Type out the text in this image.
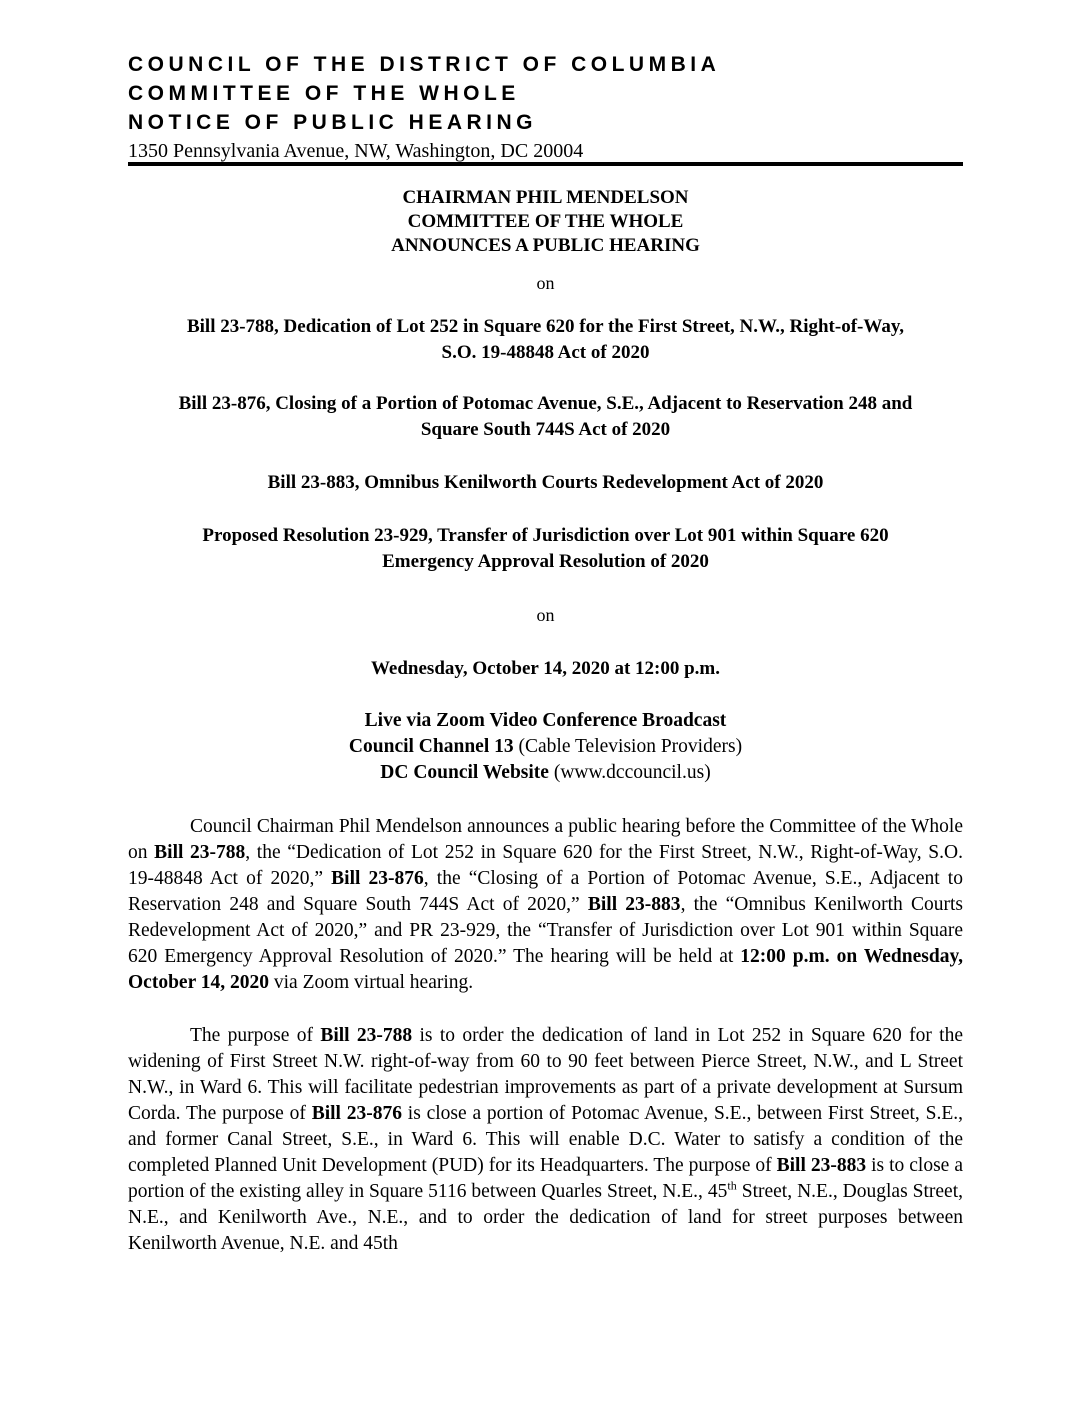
COUNCIL OF THE DISTRICT OF COLUMBIA
COMMITTEE OF THE WHOLE
NOTICE OF PUBLIC HEARING
1350 Pennsylvania Avenue, NW, Washington, DC 20004
CHAIRMAN PHIL MENDELSON
COMMITTEE OF THE WHOLE
ANNOUNCES A PUBLIC HEARING
on
Bill 23-788, Dedication of Lot 252 in Square 620 for the First Street, N.W., Right-of-Way,
S.O. 19-48848 Act of 2020
Bill 23-876, Closing of a Portion of Potomac Avenue, S.E., Adjacent to Reservation 248 and
Square South 744S Act of 2020
Bill 23-883, Omnibus Kenilworth Courts Redevelopment Act of 2020
Proposed Resolution 23-929, Transfer of Jurisdiction over Lot 901 within Square 620
Emergency Approval Resolution of 2020
on
Wednesday, October 14, 2020 at 12:00 p.m.
Live via Zoom Video Conference Broadcast
Council Channel 13 (Cable Television Providers)
DC Council Website (www.dccouncil.us)

Council Chairman Phil Mendelson announces a public hearing before the Committee of the Whole on Bill 23-788, the “Dedication of Lot 252 in Square 620 for the First Street, N.W., Right-of-Way, S.O. 19-48848 Act of 2020,” Bill 23-876, the “Closing of a Portion of Potomac Avenue, S.E., Adjacent to Reservation 248 and Square South 744S Act of 2020,” Bill 23-883, the “Omnibus Kenilworth Courts Redevelopment Act of 2020,” and PR 23-929, the “Transfer of Jurisdiction over Lot 901 within Square 620 Emergency Approval Resolution of 2020.” The hearing will be held at 12:00 p.m. on Wednesday, October 14, 2020 via Zoom virtual hearing.

The purpose of Bill 23-788 is to order the dedication of land in Lot 252 in Square 620 for the widening of First Street N.W. right-of-way from 60 to 90 feet between Pierce Street, N.W., and L Street N.W., in Ward 6. This will facilitate pedestrian improvements as part of a private development at Sursum Corda. The purpose of Bill 23-876 is close a portion of Potomac Avenue, S.E., between First Street, S.E., and former Canal Street, S.E., in Ward 6. This will enable D.C. Water to satisfy a condition of the completed Planned Unit Development (PUD) for its Headquarters. The purpose of Bill 23-883 is to close a portion of the existing alley in Square 5116 between Quarles Street, N.E., 45th Street, N.E., Douglas Street, N.E., and Kenilworth Ave., N.E., and to order the dedication of land for street purposes between Kenilworth Avenue, N.E. and 45th
